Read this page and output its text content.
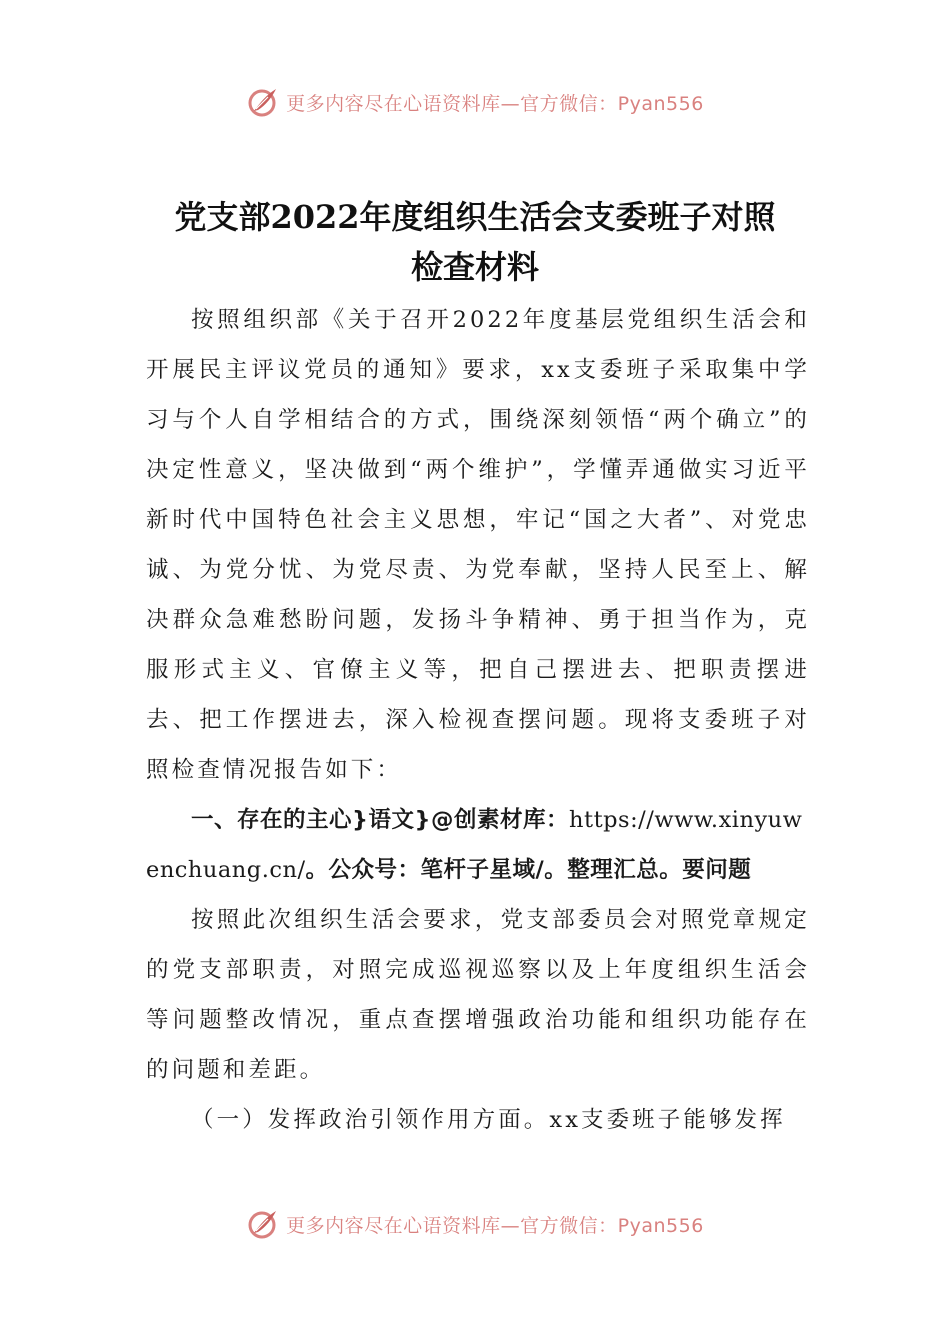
更多内容尽在心语资料库—官方微信：Pyan556
党支部2022年度组织生活会支委班子对照
检查材料

按照组织部《关于召开2022年度基层党组织生活会和开展民主评议党员的通知》要求，xx支委班子采取集中学习与个人自学相结合的方式，围绕深刻领悟“两个确立”的决定性意义，坚决做到“两个维护”，学懂弄通做实习近平新时代中国特色社会主义思想，牢记“国之大者”、对党忠诚、为党分忧、为党尽责、为党奉献，坚持人民至上、解决群众急难愁盼问题，发扬斗争精神、勇于担当作为，克服形式主义、官僚主义等，把自己摆进去、把职责摆进去、把工作摆进去，深入检视查摆问题。现将支委班子对照检查情况报告如下：

一、存在的主心}语文}@创素材库：https://www.xinyuwenchuang.cn/。公众号：笔杆子星域/。整理汇总。要问题

按照此次组织生活会要求，党支部委员会对照党章规定的党支部职责，对照完成巡视巡察以及上年度组织生活会等问题整改情况，重点查摆增强政治功能和组织功能存在的问题和差距。

（一）发挥政治引领作用方面。xx支委班子能够发挥

更多内容尽在心语资料库—官方微信：Pyan556
